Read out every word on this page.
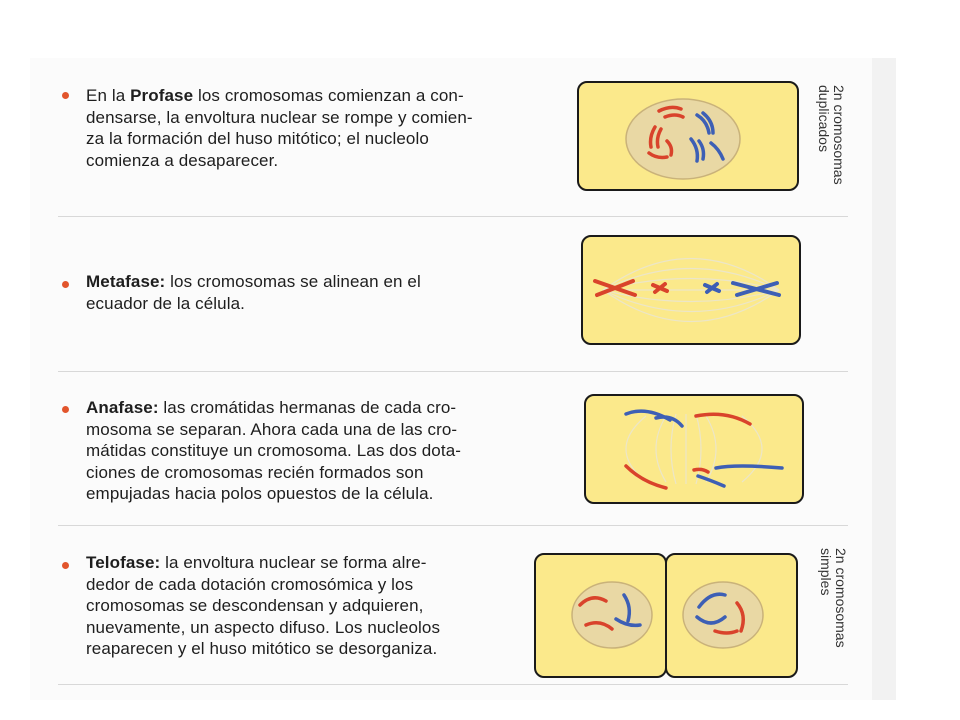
En la Profase los cromosomas comienzan a con-
densarse, la envoltura nuclear se rompe y comien-
za la formación del huso mitótico; el nucleolo
comienza a desaparecer.

2n cromosomas
duplicados

Metafase: los cromosomas se alinean en el
ecuador de la célula.

Anafase: las cromátidas hermanas de cada cro-
mosoma se separan. Ahora cada una de las cro-
mátidas constituye un cromosoma. Las dos dota-
ciones de cromosomas recién formados son
empujadas hacia polos opuestos de la célula.

Telofase: la envoltura nuclear se forma alre-
dedor de cada dotación cromosómica y los
cromosomas se descondensan y adquieren,
nuevamente, un aspecto difuso. Los nucleolos
reaparecen y el huso mitótico se desorganiza.

2n cromosomas
simples
